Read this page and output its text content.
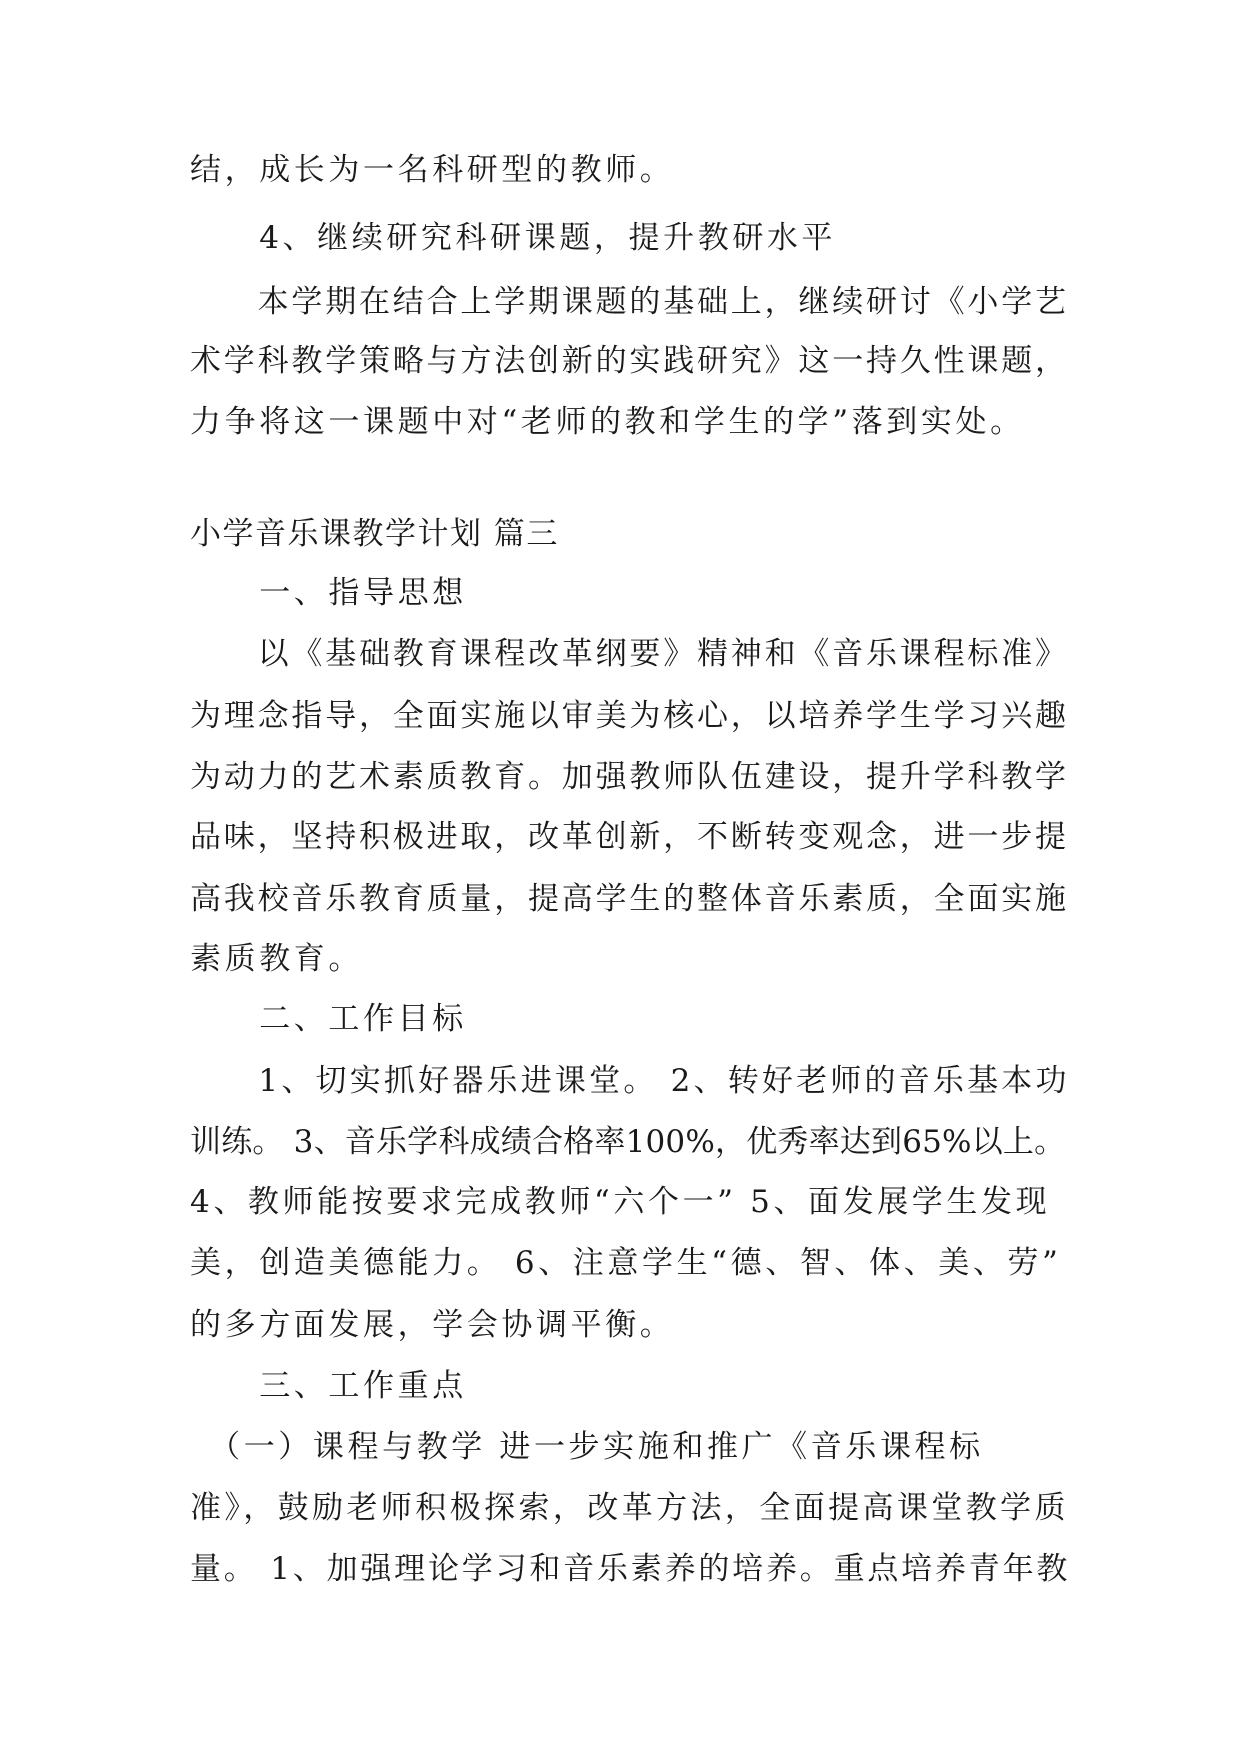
结，成长为一名科研型的教师。
　　4、继续研究科研课题，提升教研水平
　　本学期在结合上学期课题的基础上，继续研讨《小学艺
术学科教学策略与方法创新的实践研究》这一持久性课题，
力争将这一课题中对“老师的教和学生的学”落到实处。
小学音乐课教学计划 篇三
　　一、指导思想
　　以《基础教育课程改革纲要》精神和《音乐课程标准》
为理念指导，全面实施以审美为核心，以培养学生学习兴趣
为动力的艺术素质教育。加强教师队伍建设，提升学科教学
品味，坚持积极进取，改革创新，不断转变观念，进一步提
高我校音乐教育质量，提高学生的整体音乐素质，全面实施
素质教育。
　　二、工作目标
　　1、切实抓好器乐进课堂。 2、转好老师的音乐基本功
训练。 3、音乐学科成绩合格率100%，优秀率达到65%以上。
4、教师能按要求完成教师“六个一” 5、面发展学生发现
美，创造美德能力。 6、注意学生“德、智、体、美、劳”
的多方面发展，学会协调平衡。
　　三、工作重点
　（一）课程与教学 进一步实施和推广《音乐课程标
准》，鼓励老师积极探索，改革方法，全面提高课堂教学质
量。 1、加强理论学习和音乐素养的培养。重点培养青年教
